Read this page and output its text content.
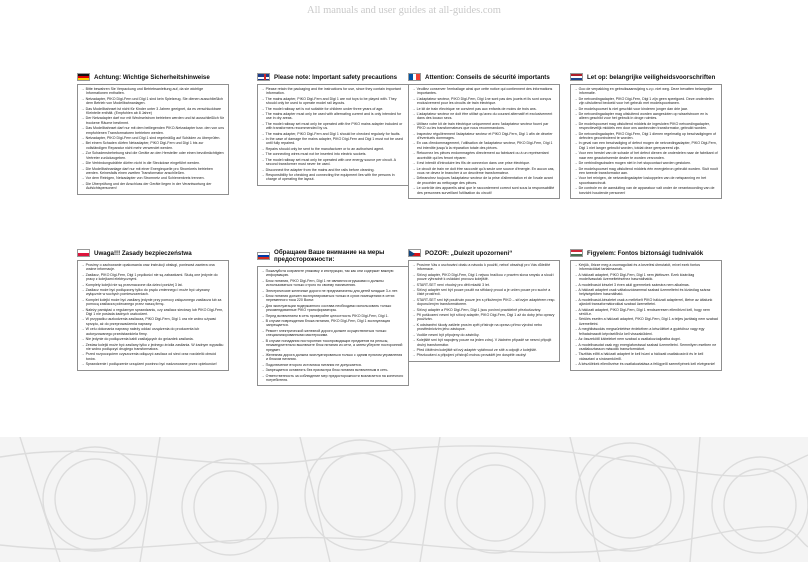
All manuals and user guides at all-guides.com
Achtung: Wichtige Sicherheitshinweise

→ Bitte bewahren Sie Verpackung und Betriebsanleitung auf, da sie wichtige Informationen enthalten.

→ Netzadapter, PIKO Digi-Fern und Digi 1 sind kein Spielzeug. Sie dienen ausschließlich dem Betrieb von Modellbahnanlagen.

→ Das Modellbahnset ist nicht für Kinder unter 3 Jahren geeignet, da es verschluckbare Kleinteile enthält. (Empfohlen ab 8 Jahre)

→ Der Netzadapter darf nur mit Wechselstrom betrieben werden und ist ausschließlich für trockene Räume bestimmt.

→ Das Modellbahnset darf nur mit dem beiliegenden PIKO-Netzadapter bzw. den von uns empfohlenen Transformatoren betrieben werden.

→ Netzadapter, PIKO Digi-Fern und Digi 1 sind regelmäßig auf Schäden zu überprüfen.

→ Bei einem Schaden dürfen Netzadapter, PIKO Digi-Fern und Digi 1 bis zur vollständigen Reparatur nicht mehr verwendet werden.

→ Zur Schadensbehebung sind die Geräte an den Hersteller oder einen bevollmächtigten Vertreter zurückzugeben.

→ Die Verbindungsdrähte dürfen nicht in die Steckdose eingeführt werden.

→ Die Modellbahnanlage darf nur mit einer Energiequelle pro Stromkreis betrieben werden. Keinesfalls einen zweiten Transformator anschließen.

→ Vor dem Reinigen, Netzadapter von Stromnetz und Schienenkreis trennen.

→ Die Überprüfung und der Anschluss der Geräte liegen in der Verantwortung der Aufsichtspersonen!

Please note: Important safety precautions

→ Please retain the packaging and the instructions for use, since they contain important information.

→ The mains adapter, PIKO Digi-Fern and Digi 1 are not toys to be played with. They should only be used to operate model rail layouts.

→ The model railway set is not suitable for children under three years of age.

→ The mains adapter must only be used with alternating current and is only intended for use in dry areas.

→ The model railway set must only be operated with the PIKO mains adapter included or with transformers recommended by us.

→ The mains adapter, PIKO Digi-Fern and Digi 1 should be checked regularly for faults.

→ In the case of damage the mains adapter, PIKO Digi-Fern and Digi 1 must not be used until fully repaired.

→ Repairs should only be sent to the manufacturer or to an authorised agent.

→ The connecting wires must not be inserted into electric sockets.

→ The model railway set must only be operated with one energy source per circuit. A second transformer must never be used.

→ Disconnect the adapter from the mains and the rails before cleaning.

→ Responsibility for checking and connecting the equipment lies with the persons in charge of operating the layout.

Attention: Conseils de sécurité importants

→ Veuillez conserver l'emballage ainsi que cette notice qui contiennent des informations importantes.

→ L'adaptateur secteur, PIKO Digi-Fern, Digi 1ne sont pas des jouets et ils sont conçus exclusivement pour les circuits de train électrique.

→ Le kit de train électrique ne convient pas aux enfants de moins de trois ans.

→ L'adaptateur secteur ne doit être utilisé qu'avec du courant alternatif et exclusivement dans des locaux secs.

→ Utilisez votre kit de train électrique uniquement avec l'adaptateur secteur fourni par PIKO ou les transformateurs que nous recommandons.

→ Inspectez régulièrement l'adaptateur secteur et PIKO Digi-Fern, Digi 1 afin de déceler d'éventuels dommages.

→ En cas d'endommagement, l'utilisation de l'adaptateur secteur, PIKO Digi-Fern, Digi 1 est interdite jusqu'à la réparation totale des pièces.

→ Retournez les pièces endommagées directement au fabricant ou à un représentant accrédité qui les feront réparer.

→ Il est interdit d'introduire les fils de connexion dans une prise électrique.

→ Le circuit de train ne doit être raccordé qu'à seule une source d'énergie. En aucun cas, vous ne devez le brancher à un deuxième transformateur.

→ Débranchez toujours l'adaptateur secteur de la prise d'alimentation et de l'ovale avant de procéder au nettoyage des pièces.

→ Le contrôle des appareils ainsi que le raccordement correct sont sous la responsabilité des personnes surveillant l'utilisation du circuit!

Let op: belangrijke veiligheidsvoorschriften

→ Goo de verpakking en gebruiksaanwijzing s.v.p. niet weg. Deze bevatten belangrijke informatie.

→ De netvoedingadapter, PIKO Digi-Fern, Digi 1 zijn geen speelgoed. Deze onderdelen zijn uitsluitend bedoeld voor het gebruik met modelspoorbanen.

→ De modelspoorset is niet geschikt voor kinderen jonger dan drie jaar.

→ De netvoedingadapter mag uitsluitend worden aangesloten op wisselstroom en is alleen geschikt voor het gebruik in droge ruimtes.

→ De modelspoorset mag uitsluitend middels de ingesloten PIKO netvoedingadapter, respectievelijk middels een door ons aanbevolen transformator, gebruikt worden.

→ De netvoedingadapter, PIKO Digi-Fern, Digi 1 dienen regelmatig op beschadigingen of defecten gecontroleerd te worden.

→ In geval van een beschadiging of defect mogen de netvoedingadapter, PIKO Digi-Fern, Digi 1 niet langer gebruikt worden, totdat deze gerepareerd zijn.

→ Voor een herstel van de schade of het defect dienen de onderdelen naar de fabrikant of naar een geautoriseerde dealer te worden verzonden.

→ De verbindingsdraden mogen niet in het stopcontact worden gestoken.

→ De modelspoorset mag uitsluitend middels één energiebron gebruikt worden. Sluit nooit een tweede transformator aan.

→ Voor het reinigen, de netvoedingadapter loskoppelen van de netspanning en het spoorbaancircuit.

→ De controle en de aansluiting van de apparatuur valt onder de verantwoording van de toezicht houdende personen!

Uwaga!!! Zasady bezpieczeństwa

→ Prosimy o zachowanie opakowania oraz instrukcji obsługi, ponieważ zawiera ona ważne informacje.

→ Zasilacz, PIKO Digi-Fern, Digi 1 prędkości nie są zabawkami. Służą one jedynie do pracy z kolejkami elektrycznymi.

→ Komplety kolejki nie są przeznaczone dla dzieci poniżej 3 lat.

→ Zasilacz może być podłączony tylko do prądu zmiennego i może być używany wyłącznie w suchych pomieszczeniach.

→ Komplet kolejki może być zasilany jedynie przy pomocy załączonego zasilacza lub za pomocą zasilacza polecanego przez naszą firmę.

→ Należy pamiętać o regularnym sprawdzaniu, czy zasilacz sieciowy lub PIKO Digi-Fern, Digi 1 nie posiada żadnych uszkodzeń.

→ W przypadku uszkodzenia zasilacza, PIKO Digi-Fern, Digi 1 ora nie wolno używać sprzętu, aż do przeprowadzenia naprawy.

→ W celu dokonania naprawy należy oddać urządzenia do producenta lub autoryzowanego przedstawiciela firmy.

→ Nie jedynie do podłączenia kabli zasilających do gniazdek zasilania.

→ Zestaw kolejki może być zasilany tylko z jednego źródła zasilania. W żadnym wypadku nie wolno podłączyć drugiego transformatora.

→ Przed rozpoczęciem czyszczenia odłączyć zasilacz od sieci oraz rozdzielić obwód torów.

→ Sprawdzenie i podłączenie urządzeń powinno być nadzorowane przez opiekunów!

Обращаем Ваше внимание на меры предосторожности:

→ Пожалуйста сохраните упаковку и инструкции, так как они содержат важную информацию.

→ Блок питания, PIKO Digi-Fern, Digi 1 не являются игрушками и должны использоваться только строго по своему назначению.

→ Электрические железные дороги не предназначены для детей младше 3-х лет.

→ Блок питания должен эксплуатироваться только в сухих помещениях в сетях переменного тока 220 Вольт.

→ Для эксплуатации подержанного состава необходимо использовать только рекомендованные PIKO трансформаторы.

→ Перед включением в сеть проверяйте целостность PIKO Digi-Fern, Digi 1.

→ В случае повреждения блока питания, PIKO Digi-Fern, Digi 1 эксплуатация запрещается.

→ Ремонт электрической железной дороги должен осуществляться только специализированными мастерскими.

→ В случае попадания посторонних токопроводящих предметов на рельсы, незамедлительно выключите блок питания из сети, а затем уберите посторонний предмет.

→ Железная дорога должна эксплуатироваться только с одним пультом управления и блоком питания.

→ Подключение второго источника питания не допускается.

→ Запрещается оставлять без присмотра блок питания включенным в сеть.

→ Ответственность за соблюдение мер предосторожности возлагается на конечного потребителя.

POZOR: „Dulezit upozorneni“

→ Prosíme Vás o uschování obalu a návodu k použití, neboť obsahují pro Vás důležité informace.

→ Síťový adaptér, PIKO Digi-Fern, Digi 1 nejsou hračkou v pravém slova smyslu a slouží pouze výhradně k ovládání provozu kolejiště.

→ START-SET není vhodný pro děti mladší 3 let.

→ Síťový adaptér smí být pouze použit na střídavý proud a je určen pouze pro suché a čisté prostředí.

→ START-SET smí být používán pouze jen s přiloženým PIKO – síťovým adaptérem resp. doporučeným transformátorem.

→ Síťový adaptér a PIKO Digi-Fern, Digi 1 jsou povinni pravidelně přezkušovány.

→ Při poškození nesmí být síťový adaptér, PIKO Digi-Fern, Digi 1 až do doby jeho opravy používán.

→ K odstranění škody zašlete prosím zpět přístroje na opravu přímo výrobci nebo prostřednictvím jeho zástupce.

→ Vodiče nesmí být připojeny do zástrčky.

→ Kolejiště smí být napojeny pouze na jeden zdroj. V žádném případě se nesmí připojit druhý transformátor.

→ Před čištěním kolejiště síťový adaptér vytáhnout ze sítě a odpojit z kolejiště.

→ Přezkoušení a připojení přístrojů mohou provádět jen dospělé osoby!

Figyelem: Fontos biztonsági tudnivalók

→ Kérjük, őrizze meg a csomagolást és a kezelési útmutatót, mivel ezek fontos információkat tartalmaznak.

→ A hálózati adaptert, PIKO Digi-Fern, Digi 1 nem játékszer. Ezek kizárólag modellvasutak üzemeltetéséhez használhatók.

→ A modellvasút készlet 3 éven aluli gyermekek számára nem alkalmas.

→ A hálózati adaptert csak váltakozóárammal szabad üzemeltetni és kizárólag száraz helyiségekben használható.

→ A modellvasút-készletet csak a mellékelt PIKO hálózati adapterrel, illetve az általunk ajánlott transzformátorokkal szabad üzemeltetni.

→ A hálózati adaptert, PIKO Digi-Fern, Digi 1 rendszeresen ellenőrizni kell, hogy nem sérült-e.

→ Sérülés esetén a hálózati adaptert, PIKO Digi-Fern, Digi 1 a teljes javításig nem szabad üzemeltetni.

→ A meghibásodás megszüntetése érdekében a készüléket a gyártóhoz vagy egy felhatalmazott képviselőhöz kell visszaküldeni.

→ Az összekötő kábeleket nem szabad a csatlakozóaljzatba dugni.

→ A modellvasutat csak egy energiaforrással szabad üzemeltetni. Semmilyen esetben ne csatlakoztasson második transzformátort.

→ Tisztítás előtt a hálózati adaptert le kell húzni a hálózati csatlakozóról és le kell választani a sínáramkörről.

→ A készülékek ellenőrzése és csatlakoztatása a felügyelő személyének kell elvégeznie!
